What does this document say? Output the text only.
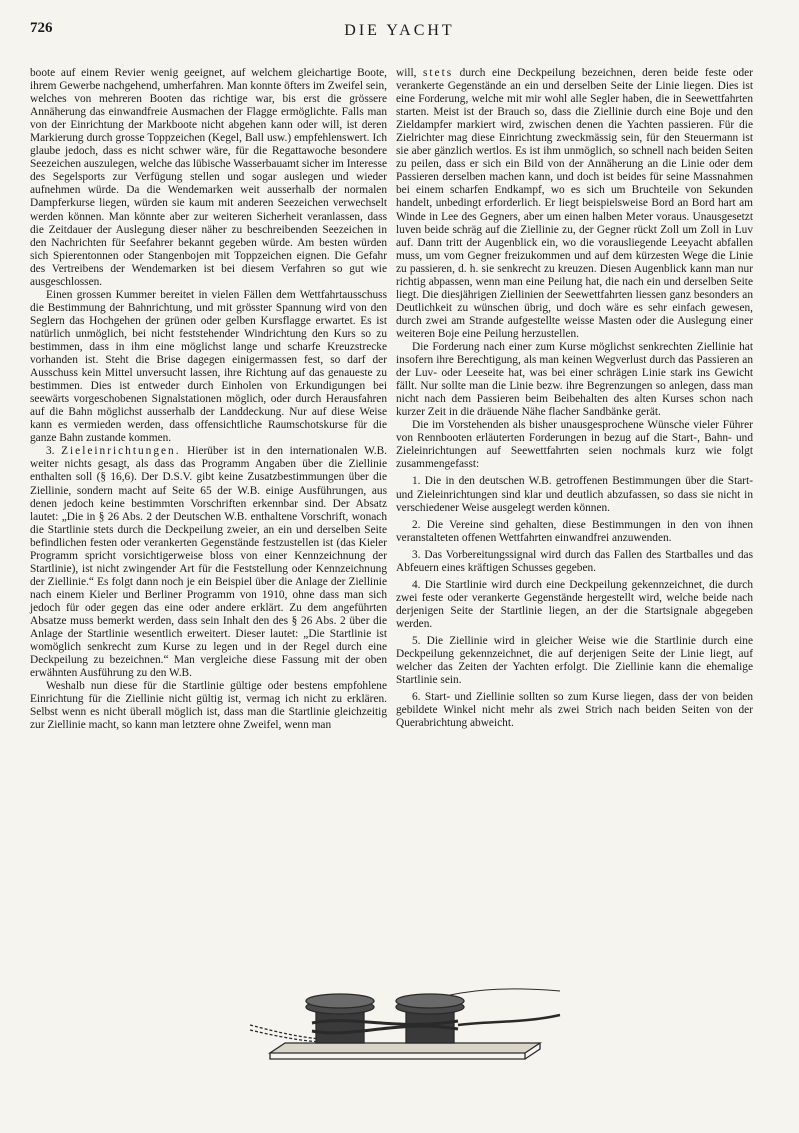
726	DIE YACHT

boote auf einem Revier wenig geeignet, auf welchem gleichartige Boote, ihrem Gewerbe nachgehend, umherfahren. Man konnte öfters im Zweifel sein, welches von mehreren Booten das richtige war, bis erst die grössere Annäherung das einwandfreie Ausmachen der Flagge ermöglichte. Falls man von der Einrichtung der Markboote nicht abgehen kann oder will, ist deren Markierung durch grosse Toppzeichen (Kegel, Ball usw.) empfehlenswert. Ich glaube jedoch, dass es nicht schwer wäre, für die Regattawoche besondere Seezeichen auszulegen, welche das lübische Wasserbauamt sicher im Interesse des Segelsports zur Verfügung stellen und sogar auslegen und wieder aufnehmen würde. Da die Wendemarken weit ausserhalb der normalen Dampferkurse liegen, würden sie kaum mit anderen Seezeichen verwechselt werden können. Man könnte aber zur weiteren Sicherheit veranlassen, dass die Zeitdauer der Auslegung dieser näher zu beschreibenden Seezeichen in den Nachrichten für Seefahrer bekannt gegeben würde. Am besten würden sich Spierentonnen oder Stangenbojen mit Toppzeichen eignen. Die Gefahr des Vertreibens der Wendemarken ist bei diesem Verfahren so gut wie ausgeschlossen.

Einen grossen Kummer bereitet in vielen Fällen dem Wettfahrtausschuss die Bestimmung der Bahnrichtung, und mit grösster Spannung wird von den Seglern das Hochgehen der grünen oder gelben Kursflagge erwartet. Es ist natürlich unmöglich, bei nicht feststehender Windrichtung den Kurs so zu bestimmen, dass in ihm eine möglichst lange und scharfe Kreuzstrecke vorhanden ist. Steht die Brise dagegen einigermassen fest, so darf der Ausschuss kein Mittel unversucht lassen, ihre Richtung auf das genaueste zu bestimmen. Dies ist entweder durch Einholen von Erkundigungen bei seewärts vorgeschobenen Signalstationen möglich, oder durch Herausfahren auf die Bahn möglichst ausserhalb der Landdeckung. Nur auf diese Weise kann es vermieden werden, dass offensichtliche Raumschotskurse für die ganze Bahn zustande kommen.

3. Zieleinrichtungen. Hierüber ist in den internationalen W.B. weiter nichts gesagt, als dass das Programm Angaben über die Ziellinie enthalten soll (§ 16,6). Der D.S.V. gibt keine Zusatzbestimmungen über die Ziellinie, sondern macht auf Seite 65 der W.B. einige Ausführungen, aus denen jedoch keine bestimmten Vorschriften erkennbar sind. Der Absatz lautet: „Die in § 26 Abs. 2 der Deutschen W.B. enthaltene Vorschrift, wonach die Startlinie stets durch die Deckpeilung zweier, an ein und derselben Seite befindlichen festen oder verankerten Gegenstände festzustellen ist (das Kieler Programm spricht vorsichtigerweise bloss von einer Kennzeichnung der Startlinie), ist nicht zwingender Art für die Feststellung oder Kennzeichnung der Ziellinie.“ Es folgt dann noch je ein Beispiel über die Anlage der Ziellinie nach einem Kieler und Berliner Programm von 1910, ohne dass man sich jedoch für oder gegen das eine oder andere erklärt. Zu dem angeführten Absatze muss bemerkt werden, dass sein Inhalt den des § 26 Abs. 2 über die Anlage der Startlinie wesentlich erweitert. Dieser lautet: „Die Startlinie ist womöglich senkrecht zum Kurse zu legen und in der Regel durch eine Deckpeilung zu bezeichnen.“ Man vergleiche diese Fassung mit der oben erwähnten Ausführung zu den W.B.

Weshalb nun diese für die Startlinie gültige oder bestens empfohlene Einrichtung für die Ziellinie nicht gültig ist, vermag ich nicht zu erklären. Selbst wenn es nicht überall möglich ist, dass man die Startlinie gleichzeitig zur Ziellinie macht, so kann man letztere ohne Zweifel, wenn man

will, stets durch eine Deckpeilung bezeichnen, deren beide feste oder verankerte Gegenstände an ein und derselben Seite der Linie liegen. Dies ist eine Forderung, welche mit mir wohl alle Segler haben, die in Seewettfahrten starten. Meist ist der Brauch so, dass die Ziellinie durch eine Boje und den Zieldampfer markiert wird, zwischen denen die Yachten passieren. Für die Zielrichter mag diese Einrichtung zweckmässig sein, für den Steuermann ist sie aber gänzlich wertlos. Es ist ihm unmöglich, so schnell nach beiden Seiten zu peilen, dass er sich ein Bild von der Annäherung an die Linie oder dem Passieren derselben machen kann, und doch ist beides für seine Massnahmen bei einem scharfen Endkampf, wo es sich um Bruchteile von Sekunden handelt, unbedingt erforderlich. Er liegt beispielsweise Bord an Bord hart am Winde in Lee des Gegners, aber um einen halben Meter voraus. Unausgesetzt luven beide schräg auf die Ziellinie zu, der Gegner rückt Zoll um Zoll in Luv auf. Dann tritt der Augenblick ein, wo die vorausliegende Leeyacht abfallen muss, um vom Gegner freizukommen und auf dem kürzesten Wege die Linie zu passieren, d. h. sie senkrecht zu kreuzen. Diesen Augenblick kann man nur richtig abpassen, wenn man eine Peilung hat, die nach ein und derselben Seite liegt. Die diesjährigen Ziellinien der Seewettfahrten liessen ganz besonders an Deutlichkeit zu wünschen übrig, und doch wäre es sehr einfach gewesen, durch zwei am Strande aufgestellte weisse Masten oder die Auslegung einer weiteren Boje eine Peilung herzustellen.

Die Forderung nach einer zum Kurse möglichst senkrechten Ziellinie hat insofern ihre Berechtigung, als man keinen Wegverlust durch das Passieren an der Luv- oder Leeseite hat, was bei einer schrägen Linie stark ins Gewicht fällt. Nur sollte man die Linie bezw. ihre Begrenzungen so anlegen, dass man nicht nach dem Passieren beim Beibehalten des alten Kurses schon nach kurzer Zeit in die dräuende Nähe flacher Sandbänke gerät.

Die im Vorstehenden als bisher unausgesprochene Wünsche vieler Führer von Rennbooten erläuterten Forderungen in bezug auf die Start-, Bahn- und Zieleinrichtungen auf Seewettfahrten seien nochmals kurz wie folgt zusammengefasst:

1. Die in den deutschen W.B. getroffenen Bestimmungen über die Start- und Zieleinrichtungen sind klar und deutlich abzufassen, so dass sie nicht in verschiedener Weise ausgelegt werden können.

2. Die Vereine sind gehalten, diese Bestimmungen in den von ihnen veranstalteten offenen Wettfahrten einwandfrei anzuwenden.

3. Das Vorbereitungssignal wird durch das Fallen des Startballes und das Abfeuern eines kräftigen Schusses gegeben.

4. Die Startlinie wird durch eine Deckpeilung gekennzeichnet, die durch zwei feste oder verankerte Gegenstände hergestellt wird, welche beide nach derjenigen Seite der Startlinie liegen, an der die Startsignale abgegeben werden.

5. Die Ziellinie wird in gleicher Weise wie die Startlinie durch eine Deckpeilung gekennzeichnet, die auf derjenigen Seite der Linie liegt, auf welcher das Zeiten der Yachten erfolgt. Die Ziellinie kann die ehemalige Startlinie sein.

6. Start- und Ziellinie sollten so zum Kurse liegen, dass der von beiden gebildete Winkel nicht mehr als zwei Strich nach beiden Seiten von der Querabrichtung abweicht.
